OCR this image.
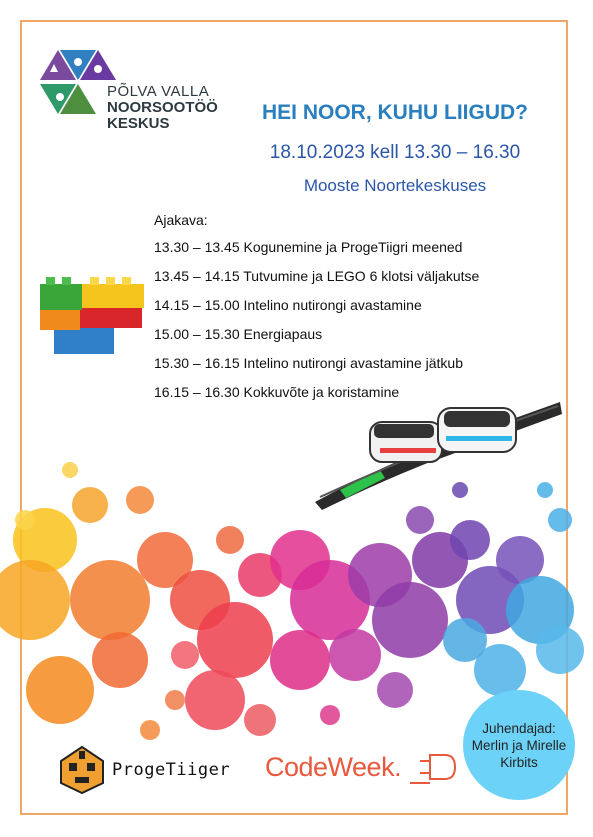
PÕLVA VALLA
NOORSOOTÖÖ
KESKUS	HEI NOOR, KUHU LIIGUD?
18.10.2023 kell 13.30 – 16.30
Mooste Noortekeskuses
Ajakava:
13.30 – 13.45 Kogunemine ja ProgeTiigri meened
13.45 – 14.15 Tutvumine ja LEGO 6 klotsi väljakutse
14.15 – 15.00 Intelino nutirongi avastamine
15.00 – 15.30 Energiapaus
15.30 – 16.15 Intelino nutirongi avastamine jätkub
16.15 – 16.30 Kokkuvõte ja koristamine
Juhendajad:
Merlin ja Mirelle
Kirbits
ProgeTiiger CodeWeek.
